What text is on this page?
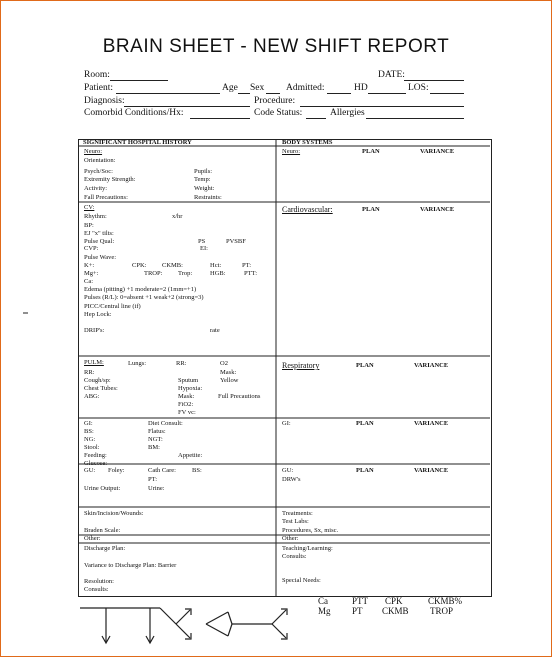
BRAIN SHEET - NEW SHIFT REPORT
Room:	DATE:
Patient:	Age Sex Admitted:	HD	LOS:
Diagnosis:	Procedure:
Comorbid Conditions/Hx:	Code Status:	Allergies
SIGNIFICANT HOSPITAL HISTORY
Neuro:
Orientation:
Psych/Soc:	Pupils:
Extremity Strength:	Temp:
Activity:	Weight:
Fall Precautions:	Restraints:
CV:
Rhythm:	x/hr
BP:
EJ "x" tilts:
Pulse Qual:	PS	PVSBF
CVP:	EI:
Pulse Wave:
K+:	CPK: CKMB:	Hct:	PT:
Mg+:	TROP: Trop:	HGB:	PTT:
Ca:
Edema (pitting) +1 moderate=2 (1mm=+1)
Pulses (R/L): 0=absent +1 weak+2 (strong=3)
PICC/Central line (if)
Hep Lock:
DRIP's:	rate
PULM:	Lungs:	RR:	O2
RR:	Mask:
Cough/sp:	Sputum	Yellow
Chest Tubes:	Hypoxia:
ABG:	Mask:	Full Precautions
FiO2:
FV vc:
GI:	Diet Consult:
BS:	Flatus:
NG:	NGT:
Stool:	BM:
Feeding:	Appetite:
Glucose:
GU: Foley:	Cath Care: BS:
PT:
Urine Output:	Urine:
Skin/Incision/Wounds:
Braden Scale:
Other:
Discharge Plan:
Variance to Discharge Plan: Barrier
Resolution:
Consults:
BODY SYSTEMS
Neuro:	PLAN	VARIANCE
Cardiovascular:	PLAN	VARIANCE
Respiratory	PLAN	VARIANCE
GI:	PLAN	VARIANCE
GU:	PLAN	VARIANCE
DRW's
Treatments:
Test Labs:
Procedures, Sx, misc.
Other:
Teaching/Learning:
Consults:
Special Needs:
Ca	PTT CPK	CKMB%
Mg PT CKMB TROP
